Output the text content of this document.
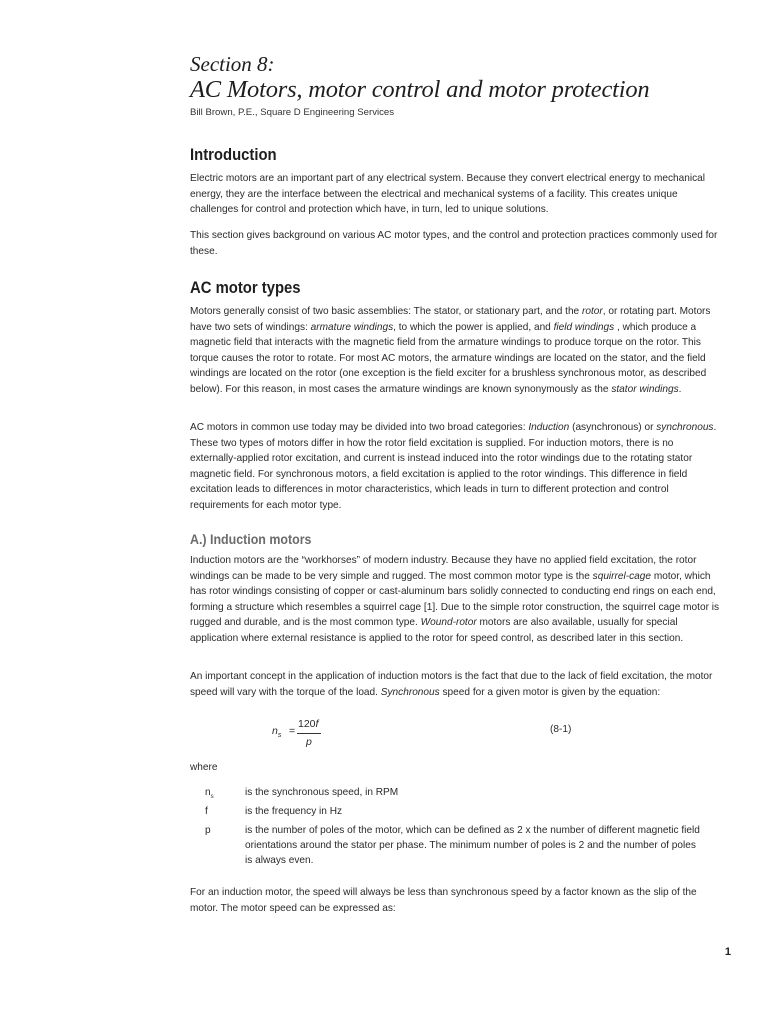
Section 8:
AC Motors, motor control and motor protection
Bill Brown, P.E., Square D Engineering Services
Introduction

Electric motors are an important part of any electrical system. Because they convert electrical energy to mechanical energy, they are the interface between the electrical and mechanical systems of a facility. This creates unique challenges for control and protection which have, in turn, led to unique solutions.

This section gives background on various AC motor types, and the control and protection practices commonly used for these.

AC motor types

Motors generally consist of two basic assemblies: The stator, or stationary part, and the rotor, or rotating part. Motors have two sets of windings: armature windings, to which the power is applied, and field windings , which produce a magnetic field that interacts with the magnetic field from the armature windings to produce torque on the rotor. This torque causes the rotor to rotate. For most AC motors, the armature windings are located on the stator, and the field windings are located on the rotor (one exception is the field exciter for a brushless synchronous motor, as described below). For this reason, in most cases the armature windings are known synonymously as the stator windings.

AC motors in common use today may be divided into two broad categories: Induction (asynchronous) or synchronous. These two types of motors differ in how the rotor field excitation is supplied. For induction motors, there is no externally-applied rotor excitation, and current is instead induced into the rotor windings due to the rotating stator magnetic field. For synchronous motors, a field excitation is applied to the rotor windings. This difference in field excitation leads to differences in motor characteristics, which leads in turn to different protection and control requirements for each motor type.

A.) Induction motors

Induction motors are the “workhorses” of modern industry. Because they have no applied field excitation, the rotor windings can be made to be very simple and rugged. The most common motor type is the squirrel-cage motor, which has rotor windings consisting of copper or cast-aluminum bars solidly connected to conducting end rings on each end, forming a structure which resembles a squirrel cage [1]. Due to the simple rotor construction, the squirrel cage motor is rugged and durable, and is the most common type. Wound-rotor motors are also available, usually for special application where external resistance is applied to the rotor for speed control, as described later in this section.

An important concept in the application of induction motors is the fact that due to the lack of field excitation, the motor speed will vary with the torque of the load. Synchronous speed for a given motor is given by the equation:

$n_s$ =
120f
p
(8-1)

where

$n_s$	is the synchronous speed, in RPM
f	is the frequency in Hz
p	is the number of poles of the motor, which can be defined as 2 x the number of different magnetic field orientations around the stator per phase. The minimum number of poles is 2 and the number of poles is always even.

For an induction motor, the speed will always be less than synchronous speed by a factor known as the slip of the motor. The motor speed can be expressed as:

1
